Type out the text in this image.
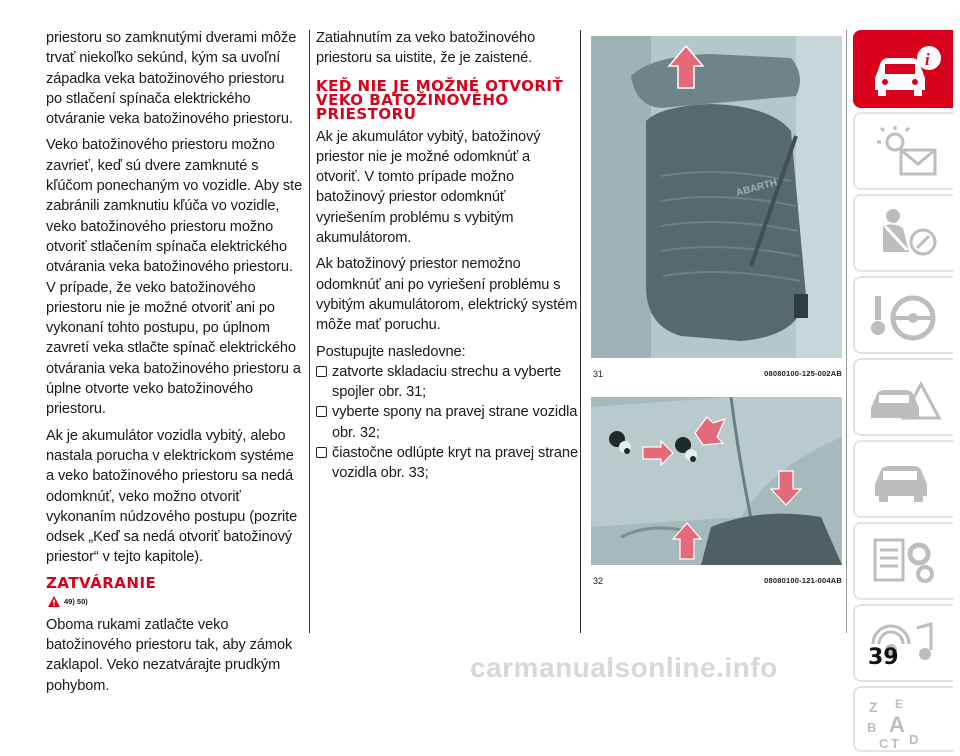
priestoru so zamknutými dverami môže trvať niekoľko sekúnd, kým sa uvoľní západka veka batožinového priestoru po stlačení spínača elektrického otváranie veka batožinového priestoru.

Veko batožinového priestoru možno zavrieť, keď sú dvere zamknuté s kľúčom ponechaným vo vozidle. Aby ste zabránili zamknutiu kľúča vo vozidle, veko batožinového priestoru možno otvoriť stlačením spínača elektrického otvárania veka batožinového priestoru. V prípade, že veko batožinového priestoru nie je možné otvoriť ani po vykonaní tohto postupu, po úplnom zavretí veka stlačte spínač elektrického otvárania veka batožinového priestoru a úplne otvorte veko batožinového priestoru.

Ak je akumulátor vozidla vybitý, alebo nastala porucha v elektrickom systéme a veko batožinového priestoru sa nedá odomknúť, veko možno otvoriť vykonaním núdzového postupu (pozrite odsek „Keď sa nedá otvoriť batožinový priestor“ v tejto kapitole).

ZATVÁRANIE
49) 50)

Oboma rukami zatlačte veko batožinového priestoru tak, aby zámok zaklapol. Veko nezatvárajte prudkým pohybom.

Zatiahnutím za veko batožinového priestoru sa uistite, že je zaistené.

KEĎ NIE JE MOŽNÉ OTVORIŤ VEKO BATOŽINOVÉHO PRIESTORU

Ak je akumulátor vybitý, batožinový priestor nie je možné odomknúť a otvoriť. V tomto prípade možno batožinový priestor odomknúť vyriešením problému s vybitým akumulátorom.

Ak batožinový priestor nemožno odomknúť ani po vyriešení problému s vybitým akumulátorom, elektrický systém môže mať poruchu.

Postupujte nasledovne:

zatvorte skladaciu strechu a vyberte spojler obr. 31;

vyberte spony na pravej strane vozidla obr. 32;

čiastočne odlúpte kryt na pravej strane vozidla obr. 33;

ABARTH
31	08080100-125-002AB
32	08080100-121-004AB
i
Z E
B A
C T D
39
carmanualsonline.info
